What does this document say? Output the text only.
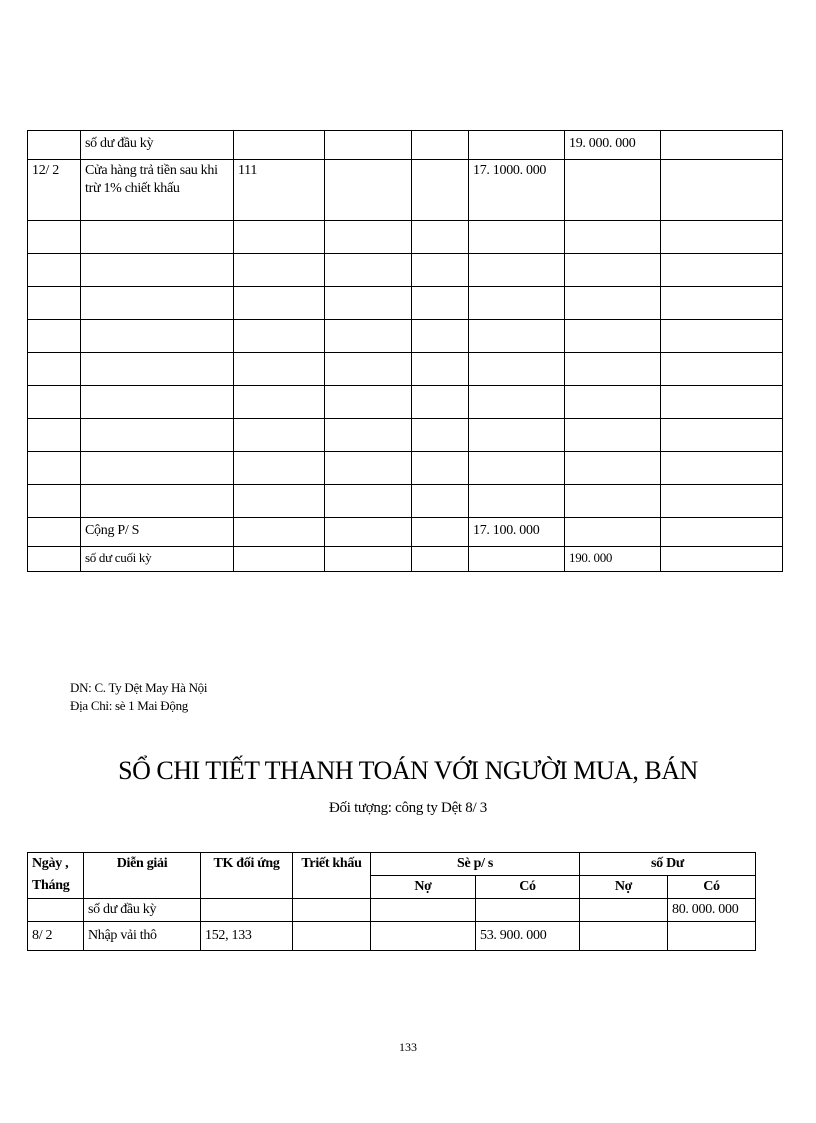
	số dư đầu kỳ					19. 000. 000	
12/ 2	Cửa hàng trả tiền sau khi trừ 1% chiết khấu	111			17. 1000. 000		

	Cộng P/ S				17. 100. 000		
	số dư cuối kỳ					190. 000	
DN: C. Ty Dệt May Hà Nội
Địa Chỉ: sè 1 Mai Động
SỔ CHI TIẾT THANH TOÁN VỚI NGƯỜI MUA, BÁN
Đối tượng: công ty Dệt 8/ 3
Ngày , Tháng	Diễn giải	TK đối ứng	Triết khấu	Sè p/ s		số Dư	
				Nợ	Có	Nợ	Có
	số dư đầu kỳ						80. 000. 000
8/ 2	Nhập vải thô	152, 133			53. 900. 000		
133
